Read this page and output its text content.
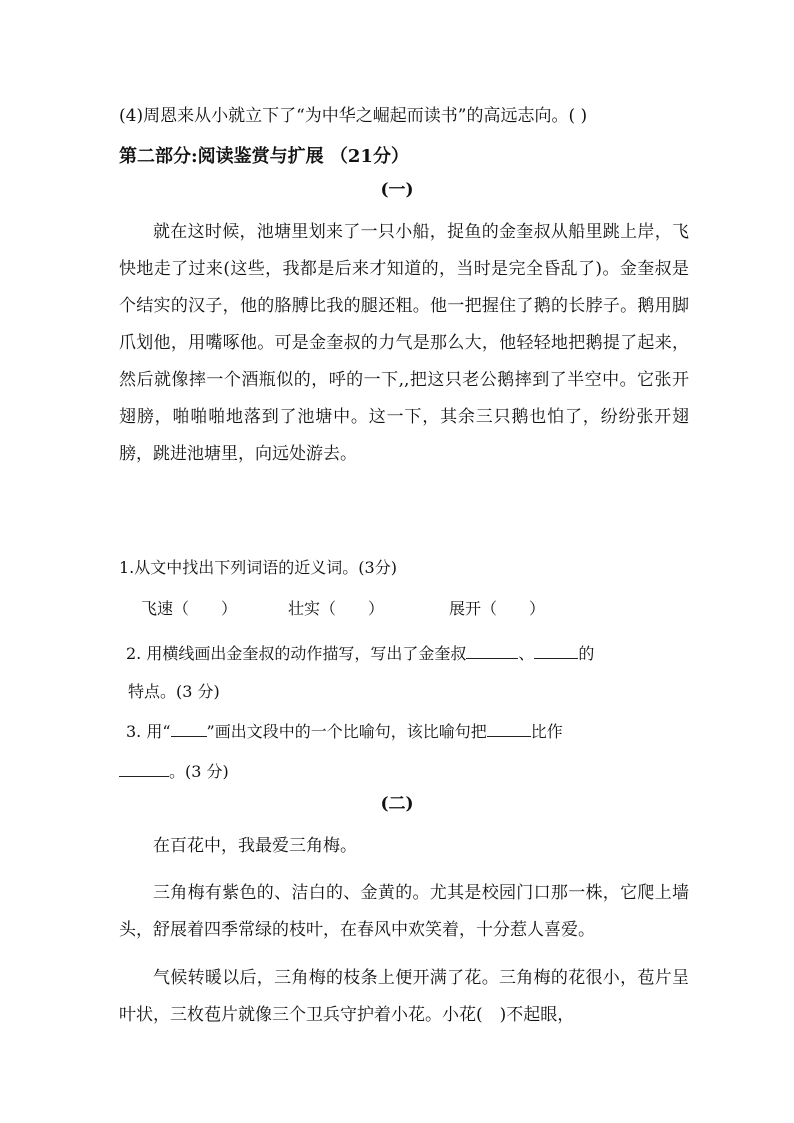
(4)周恩来从小就立下了“为中华之崛起而读书”的高远志向。( )
第二部分:阅读鉴赏与扩展 （21分）
(一)
就在这时候，池塘里划来了一只小船，捉鱼的金奎叔从船里跳上岸，飞快地走了过来(这些，我都是后来才知道的，当时是完全昏乱了)。金奎叔是个结实的汉子，他的胳膊比我的腿还粗。他一把握住了鹅的长脖子。鹅用脚爪划他，用嘴啄他。可是金奎叔的力气是那么大，他轻轻地把鹅提了起来，然后就像摔一个酒瓶似的，呼的一下,,把这只老公鹅摔到了半空中。它张开翅膀，啪啪啪地落到了池塘中。这一下，其余三只鹅也怕了，纷纷张开翅膀，跳进池塘里，向远处游去。
1.从文中找出下列词语的近义词。(3分)
飞速（　　）	壮实（　　）	展开（　　）
2. 用横线画出金奎叔的动作描写，写出了金奎叔	、	的
特点。(3 分)
3. 用“ ”画出文段中的一个比喻句，该比喻句把	比作
。(3 分)
(二)
在百花中，我最爱三角梅。
三角梅有紫色的、洁白的、金黄的。尤其是校园门口那一株，它爬上墙头，舒展着四季常绿的枝叶，在春风中欢笑着，十分惹人喜爱。
气候转暖以后，三角梅的枝条上便开满了花。三角梅的花很小，苞片呈叶状，三枚苞片就像三个卫兵守护着小花。小花(　)不起眼，
